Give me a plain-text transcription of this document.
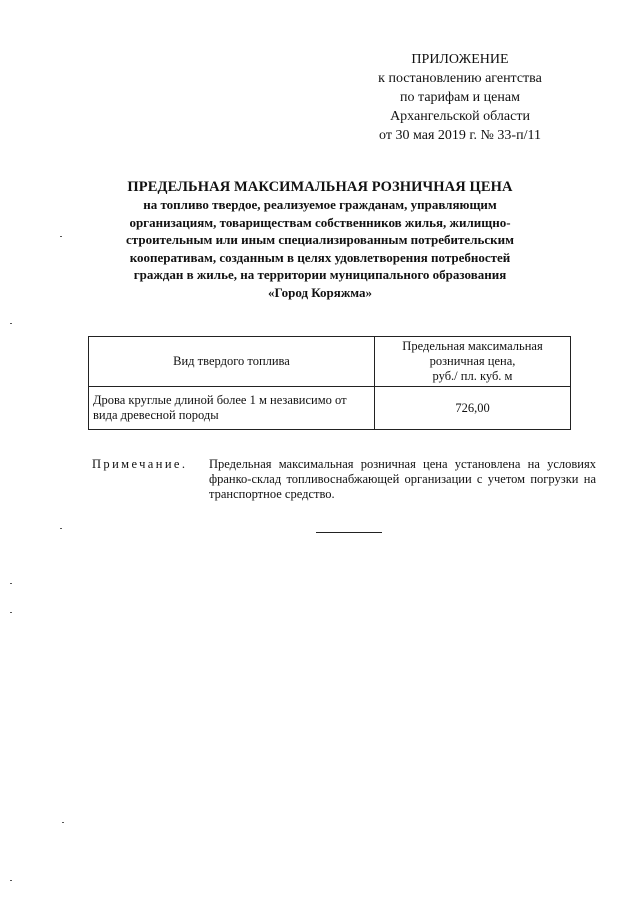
ПРИЛОЖЕНИЕ
к постановлению агентства
по тарифам и ценам
Архангельской области
от 30 мая 2019 г. № 33-п/11
ПРЕДЕЛЬНАЯ МАКСИМАЛЬНАЯ РОЗНИЧНАЯ ЦЕНА
на топливо твердое, реализуемое гражданам, управляющим
организациям, товариществам собственников жилья, жилищно-
строительным или иным специализированным потребительским
кооперативам, созданным в целях удовлетворения потребностей
граждан в жилье, на территории муниципального образования
«Город Коряжма»
Вид твердого топлива	Предельная максимальная
розничная цена,
руб./ пл. куб. м

Дрова круглые длиной более 1 м независимо от
вида древесной породы	726,00
Примечание. Предельная максимальная розничная цена установлена на условиях франко-склад топливоснабжающей организации с учетом погрузки на транспортное средство.
